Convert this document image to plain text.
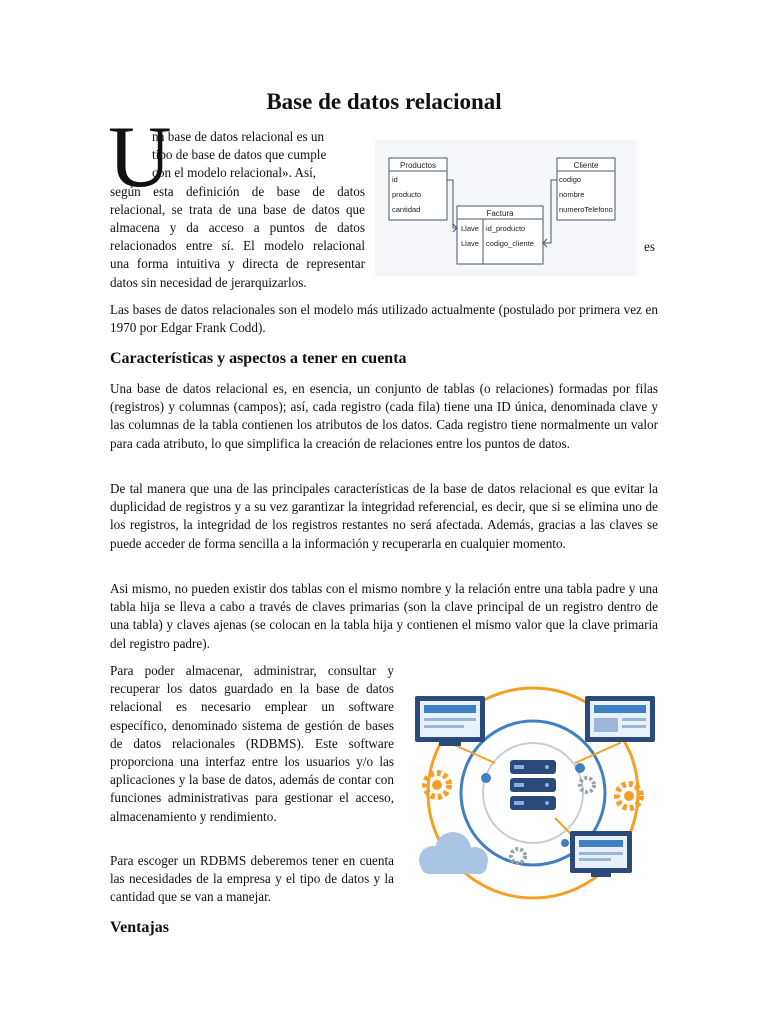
Base de datos relacional
U
na base de datos relacional es un
tipo de base de datos que cumple
con el modelo relacional». Así,
según esta definición de base de datos
relacional, se trata de una base de datos que
almacena y da acceso a puntos de datos
relacionados entre sí. El modelo relacional
una forma intuitiva y directa de representar
datos sin necesidad de jerarquizarlos.
es
Productos
id
producto
cantidad
Cliente
codigo
nombre
numeroTelefono
Factura
Llave id_producto
Llave codigo_cliente
Las bases de datos relacionales son el modelo más utilizado actualmente (postulado por primera vez en 1970 por Edgar Frank Codd).
Características y aspectos a tener en cuenta
Una base de datos relacional es, en esencia, un conjunto de tablas (o relaciones) formadas por filas (registros) y columnas (campos); así, cada registro (cada fila) tiene una ID única, denominada clave y las columnas de la tabla contienen los atributos de los datos. Cada registro tiene normalmente un valor para cada atributo, lo que simplifica la creación de relaciones entre los puntos de datos.
De tal manera que una de las principales características de la base de datos relacional es que evitar la duplicidad de registros y a su vez garantizar la integridad referencial, es decir, que si se elimina uno de los registros, la integridad de los registros restantes no será afectada. Además, gracias a las claves se puede acceder de forma sencilla a la información y recuperarla en cualquier momento.
Asi mismo, no pueden existir dos tablas con el mismo nombre y la relación entre una tabla padre y una tabla hija se lleva a cabo a través de claves primarias (son la clave principal de un registro dentro de una tabla) y claves ajenas (se colocan en la tabla hija y contienen el mismo valor que la clave primaria del registro padre).
Para poder almacenar, administrar, consultar y recuperar los datos guardado en la base de datos relacional es necesario emplear un software específico, denominado sistema de gestión de bases de datos relacionales (RDBMS). Este software proporciona una interfaz entre los usuarios y/o las aplicaciones y la base de datos, además de contar con funciones administrativas para gestionar el acceso, almacenamiento y rendimiento.
Para escoger un RDBMS deberemos tener en cuenta las necesidades de la empresa y el tipo de datos y la cantidad que se van a manejar.
Ventajas
